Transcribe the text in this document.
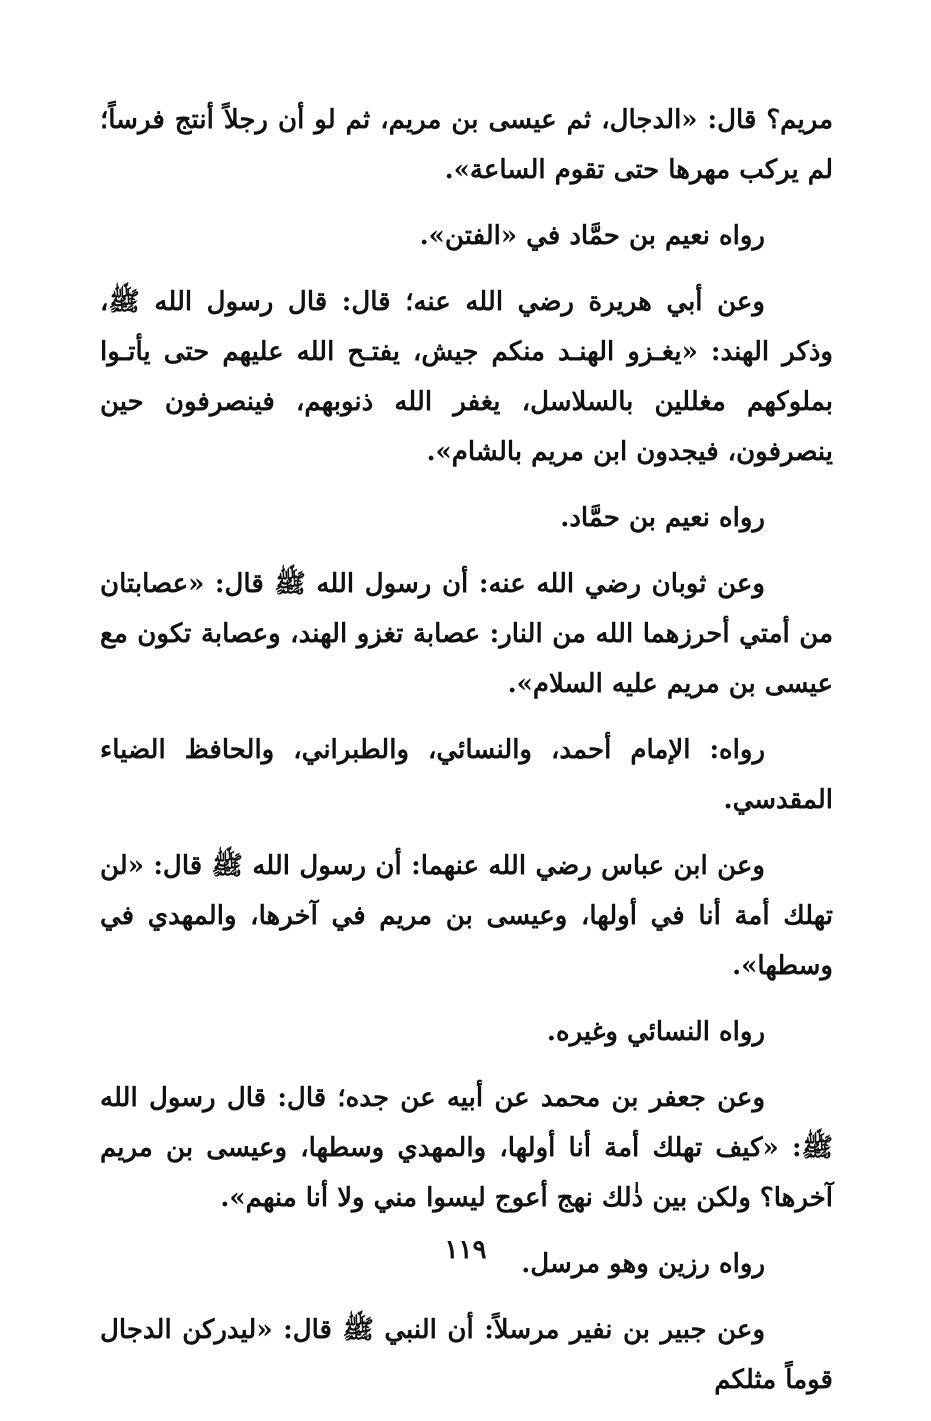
مريم؟ قال: «الدجال، ثم عيسى بن مريم، ثم لو أن رجلاً أنتج فرساً؛ لم يركب مهرها حتى تقوم الساعة».

رواه نعيم بن حمَّاد في «الفتن».

وعن أبي هريرة رضي الله عنه؛ قال: قال رسول الله ﷺ، وذكر الهند: «يغـزو الهنـد منكم جيش، يفتـح الله عليهم حتى يأتـوا بملوكهم مغللين بالسلاسل، يغفر الله ذنوبهم، فينصرفون حين ينصرفون، فيجدون ابن مريم بالشام».

رواه نعيم بن حمَّاد.

وعن ثوبان رضي الله عنه: أن رسول الله ﷺ قال: «عصابتان من أمتي أحرزهما الله من النار: عصابة تغزو الهند، وعصابة تكون مع عيسى بن مريم عليه السلام».

رواه: الإمام أحمد، والنسائي، والطبراني، والحافظ الضياء المقدسي.

وعن ابن عباس رضي الله عنهما: أن رسول الله ﷺ قال: «لن تهلك أمة أنا في أولها، وعيسى بن مريم في آخرها، والمهدي في وسطها».

رواه النسائي وغيره.

وعن جعفر بن محمد عن أبيه عن جده؛ قال: قال رسول الله ﷺ: «كيف تهلك أمة أنا أولها، والمهدي وسطها، وعيسى بن مريم آخرها؟ ولكن بين ذٰلك نهج أعوج ليسوا مني ولا أنا منهم».

رواه رزين وهو مرسل.

وعن جبير بن نفير مرسلاً: أن النبي ﷺ قال: «ليدركن الدجال قوماً مثلكم

١١٩
